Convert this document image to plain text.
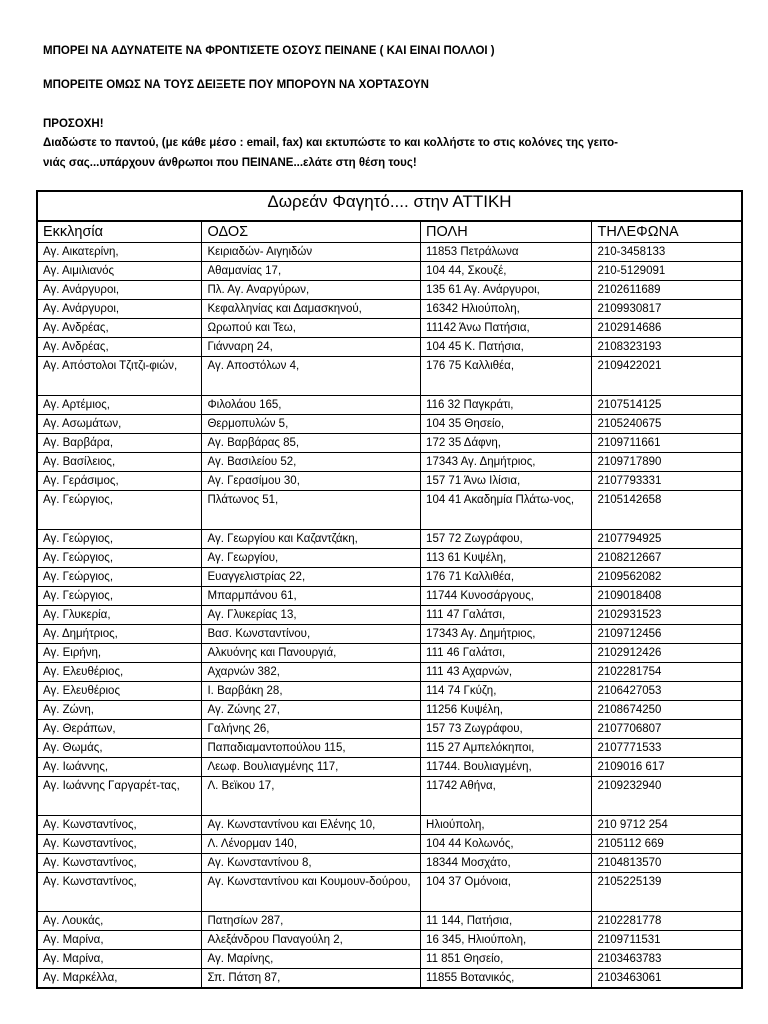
ΜΠΟΡΕΙ ΝΑ ΑΔΥΝΑΤΕΙΤΕ ΝΑ ΦΡΟΝΤΙΣΕΤΕ ΟΣΟΥΣ ΠΕΙΝΑΝΕ ( ΚΑΙ ΕΙΝΑΙ ΠΟΛΛΟΙ )

ΜΠΟΡΕΙΤΕ ΟΜΩΣ ΝΑ ΤΟΥΣ ΔΕΙΞΕΤΕ ΠΟΥ ΜΠΟΡΟΥΝ ΝΑ ΧΟΡΤΑΣΟΥΝ

ΠΡΟΣΟΧΗ!

Διαδώστε το παντού, (με κάθε μέσο : email, fax) και εκτυπώστε το και κολλήστε το στις κολόνες της γειτο-

νιάς σας...υπάρχουν άνθρωποι που ΠΕΙΝΑΝΕ...ελάτε στη θέση τους!

Δωρεάν Φαγητό.... στην ΑΤΤΙΚΗ			
Εκκλησία	ΟΔΟΣ	ΠΟΛΗ	ΤΗΛΕΦΩΝΑ
Αγ. Αικατερίνη,	Κειριαδών- Αιγηιδών	11853 Πετράλωνα	210-3458133
Αγ. Αιμιλιανός	Αθαμανίας 17,	104 44, Σκουζέ,	210-5129091
Αγ. Ανάργυροι,	Πλ. Αγ. Αναργύρων,	135 61 Αγ. Ανάργυροι,	2102611689
Αγ. Ανάργυροι,	Κεφαλληνίας και Δαμασκηνού,	16342 Ηλιούπολη,	2109930817
Αγ. Ανδρέας,	Ωρωπού και Τεω,	11142 Άνω Πατήσια,	2102914686
Αγ. Ανδρέας,	Γιάνναρη 24,	104 45 Κ. Πατήσια,	2108323193
Αγ. Απόστολοι Τζιτζι-φιών,	Αγ. Αποστόλων 4,	176 75 Καλλιθέα,	2109422021
Αγ. Αρτέμιος,	Φιλολάου 165,	116 32 Παγκράτι,	2107514125
Αγ. Ασωμάτων,	Θερμοπυλών 5,	104 35 Θησείο,	2105240675
Αγ. Βαρβάρα,	Αγ. Βαρβάρας 85,	172 35 Δάφνη,	2109711661
Αγ. Βασίλειος,	Αγ. Βασιλείου 52,	17343 Αγ. Δημήτριος,	2109717890
Αγ. Γεράσιμος,	Αγ. Γερασίμου 30,	157 71 Άνω Ιλίσια,	2107793331
Αγ. Γεώργιος,	Πλάτωνος 51,	104 41 Ακαδημία Πλάτω-νος,	2105142658
Αγ. Γεώργιος,	Αγ. Γεωργίου και Καζαντζάκη,	157 72 Ζωγράφου,	2107794925
Αγ. Γεώργιος,	Αγ. Γεωργίου,	113 61 Κυψέλη,	2108212667
Αγ. Γεώργιος,	Ευαγγελιστρίας 22,	176 71 Καλλιθέα,	2109562082
Αγ. Γεώργιος,	Μπαρμπάνου 61,	11744 Κυνοσάργους,	2109018408
Αγ. Γλυκερία,	Αγ. Γλυκερίας 13,	111 47 Γαλάτσι,	2102931523
Αγ. Δημήτριος,	Βασ. Κωνσταντίνου,	17343 Αγ. Δημήτριος,	2109712456
Αγ. Ειρήνη,	Αλκυόνης και Πανουργιά,	111 46 Γαλάτσι,	2102912426
Αγ. Ελευθέριος,	Αχαρνών 382,	111 43 Αχαρνών,	2102281754
Αγ. Ελευθέριος	Ι. Βαρβάκη 28,	114 74 Γκύζη,	2106427053
Αγ. Ζώνη,	Αγ. Ζώνης 27,	11256 Κυψέλη,	2108674250
Αγ. Θεράπων,	Γαλήνης 26,	157 73 Ζωγράφου,	2107706807
Αγ. Θωμάς,	Παπαδιαμαντοπούλου 115,	115 27 Αμπελόκηποι,	2107771533
Αγ. Ιωάννης,	Λεωφ. Βουλιαγμένης 117,	11744. Βουλιαγμένη,	2109016 617
Αγ. Ιωάννης Γαργαρέτ-τας,	Λ. Βεϊκου 17,	11742 Αθήνα,	2109232940
Αγ. Κωνσταντίνος,	Αγ. Κωνσταντίνου και Ελένης 10,	Ηλιούπολη,	210 9712 254
Αγ. Κωνσταντίνος,	Λ. Λένορμαν 140,	104 44 Κολωνός,	2105112 669
Αγ. Κωνσταντίνος,	Αγ. Κωνσταντίνου 8,	18344 Μοσχάτο,	2104813570
Αγ. Κωνσταντίνος,	Αγ. Κωνσταντίνου και Κουμουν-δούρου,	104 37 Ομόνοια,	2105225139
Αγ. Λουκάς,	Πατησίων 287,	11 144, Πατήσια,	2102281778
Αγ. Μαρίνα,	Αλεξάνδρου Παναγούλη 2,	16 345, Ηλιούπολη,	2109711531
Αγ. Μαρίνα,	Αγ. Μαρίνης,	11 851 Θησείο,	2103463783
Αγ. Μαρκέλλα,	Σπ. Πάτση 87,	11855 Βοτανικός,	2103463061
